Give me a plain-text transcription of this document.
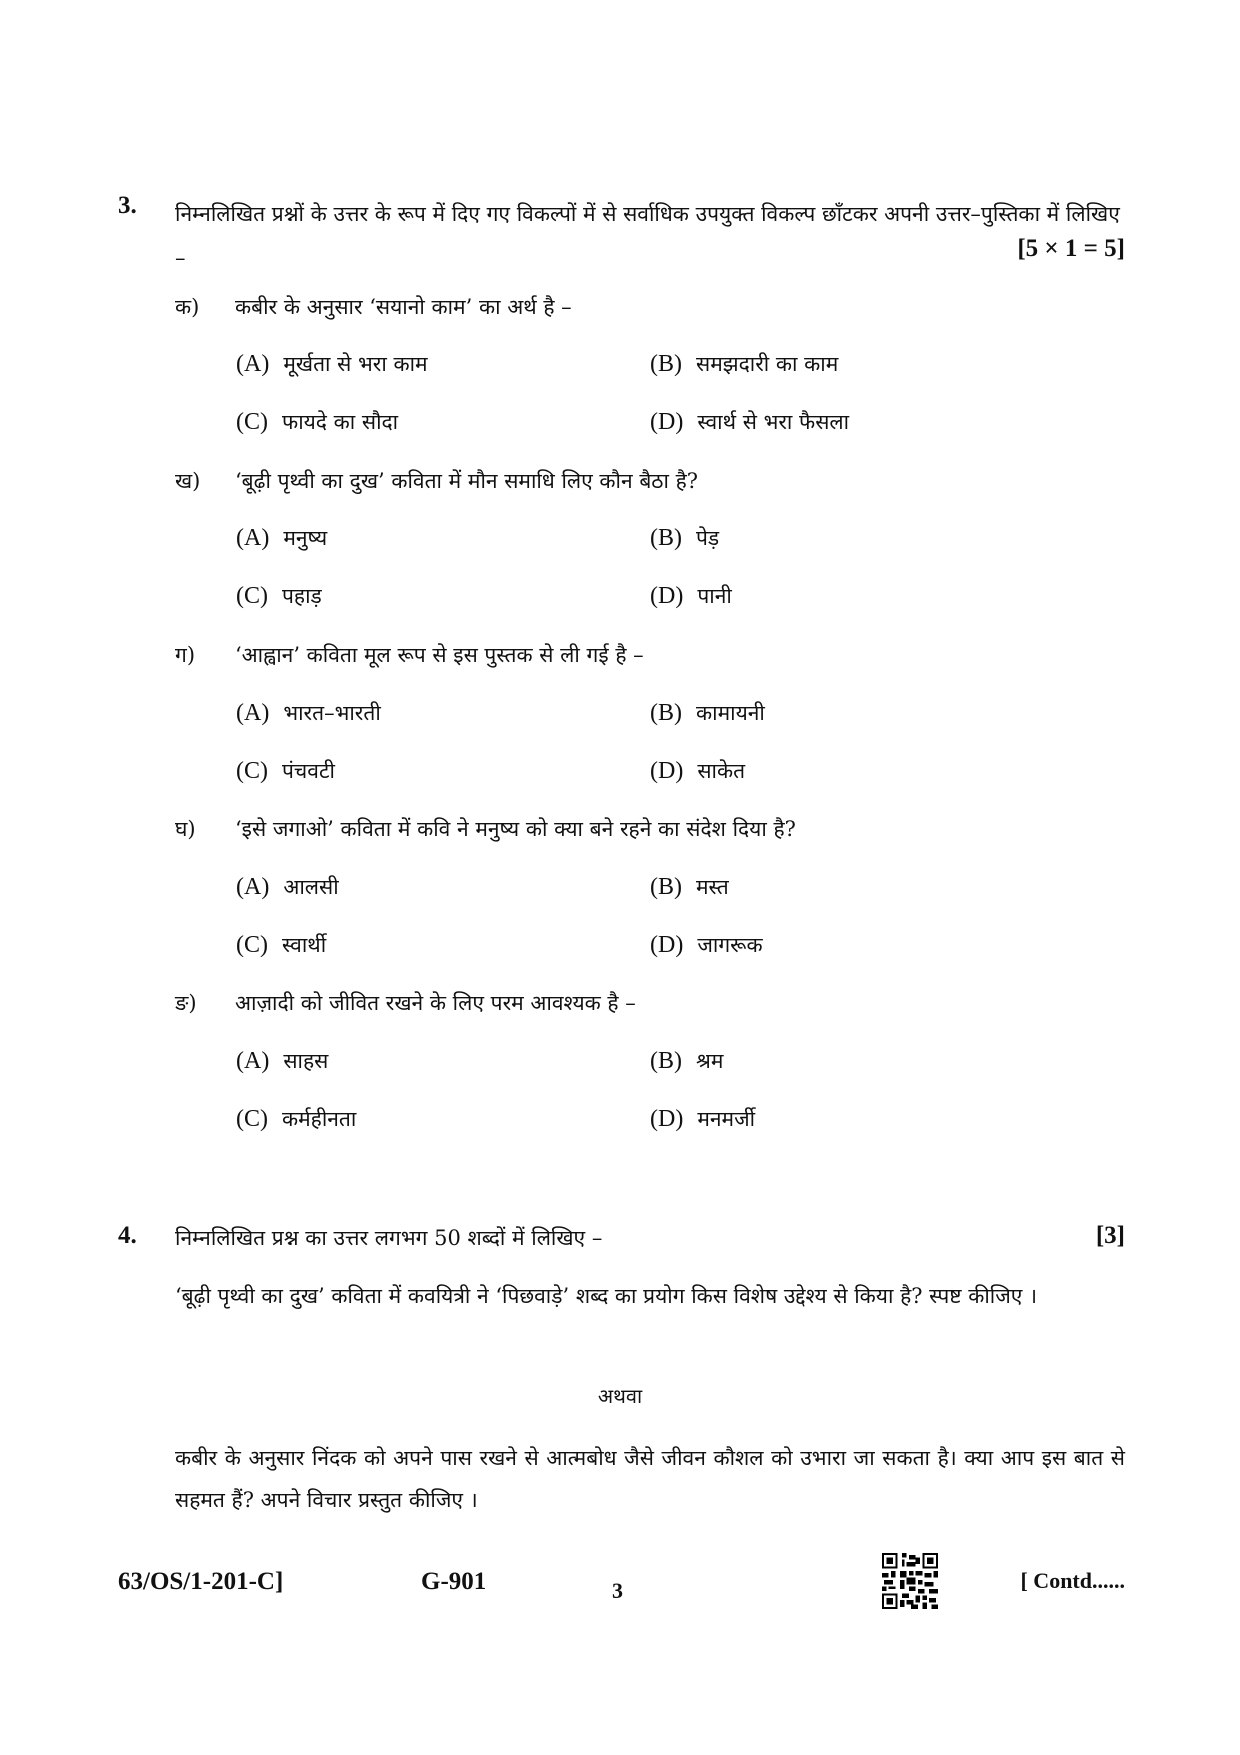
3. निम्नलिखित प्रश्नों के उत्तर के रूप में दिए गए विकल्पों में से सर्वाधिक उपयुक्त विकल्प छाँटकर अपनी उत्तर–पुस्तिका में लिखिए –	[5 × 1 = 5]
क) कबीर के अनुसार ‘सयानो काम’ का अर्थ है –
(A) मूर्खता से भरा काम	(B) समझदारी का काम
(C) फायदे का सौदा	(D) स्वार्थ से भरा फैसला
ख) ‘बूढ़ी पृथ्वी का दुख’ कविता में मौन समाधि लिए कौन बैठा है?
(A) मनुष्य	(B) पेड़
(C) पहाड़	(D) पानी
ग) ‘आह्वान’ कविता मूल रूप से इस पुस्तक से ली गई है –
(A) भारत–भारती	(B) कामायनी
(C) पंचवटी	(D) साकेत
घ) ‘इसे जगाओ’ कविता में कवि ने मनुष्य को क्या बने रहने का संदेश दिया है?
(A) आलसी	(B) मस्त
(C) स्वार्थी	(D) जागरूक
ङ) आज़ादी को जीवित रखने के लिए परम आवश्यक है –
(A) साहस	(B) श्रम
(C) कर्महीनता	(D) मनमर्जी
4. निम्नलिखित प्रश्न का उत्तर लगभग 50 शब्दों में लिखिए –	[3]
‘बूढ़ी पृथ्वी का दुख’ कविता में कवयित्री ने ‘पिछवाड़े’ शब्द का प्रयोग किस विशेष उद्देश्य से किया है? स्पष्ट कीजिए ।
अथवा
कबीर के अनुसार निंदक को अपने पास रखने से आत्मबोध जैसे जीवन कौशल को उभारा जा सकता है। क्या आप इस बात से सहमत हैं? अपने विचार प्रस्तुत कीजिए ।
63/OS/1-201-C]	G-901	3	[ Contd......
